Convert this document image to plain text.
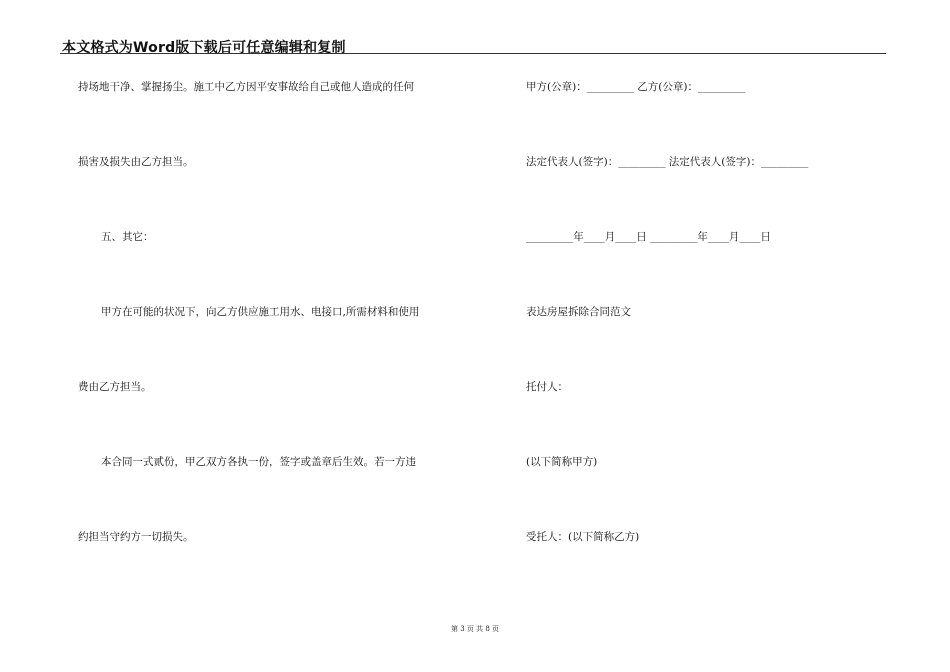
本文格式为Word版下载后可任意编辑和复制
持场地干净、掌握扬尘。施工中乙方因平安事故给自己或他人造成的任何
损害及损失由乙方担当。
五、其它：
甲方在可能的状况下，向乙方供应施工用水、电接口,所需材料和使用
费由乙方担当。
本合同一式贰份，甲乙双方各执一份，签字或盖章后生效。若一方违
约担当守约方一切损失。
甲方(公章)：_________ 乙方(公章)：_________
法定代表人(签字)：_________ 法定代表人(签字)：_________
_________年____月____日 _________年____月____日
表达房屋拆除合同范文
托付人：
(以下简称甲方)
受托人：(以下简称乙方)
第 3 页 共 8 页
